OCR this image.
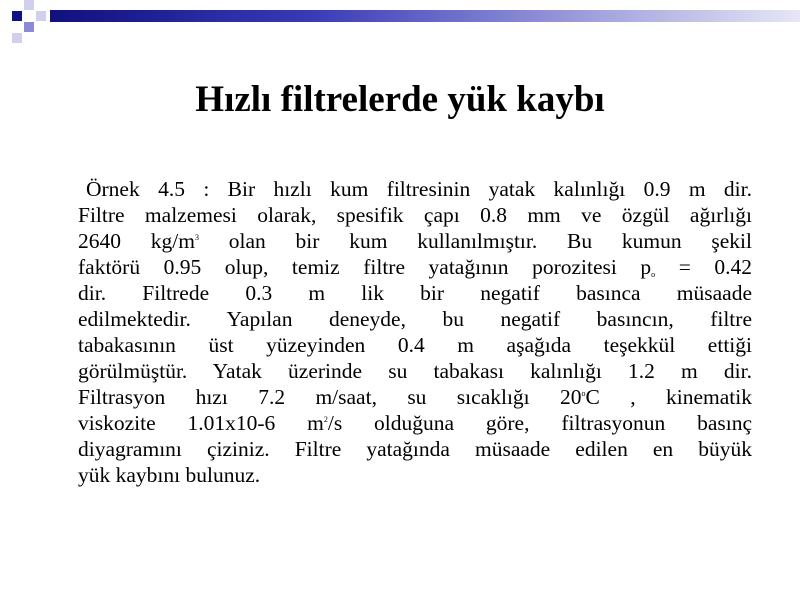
Hızlı filtrelerde yük kaybı
Örnek 4.5 : Bir hızlı kum filtresinin yatak kalınlığı 0.9 m dir.
Filtre malzemesi olarak, spesifik çapı 0.8 mm ve özgül ağırlığı
2640 $kg/m^3$ olan bir kum kullanılmıştır. Bu kumun şekil
faktörü 0.95 olup, temiz filtre yatağının porozitesi $p_o = 0.42$
dir. Filtrede 0.3 m lik bir negatif basınca müsaade
edilmektedir. Yapılan deneyde, bu negatif basıncın, filtre
tabakasının üst yüzeyinden 0.4 m aşağıda teşekkül ettiği
görülmüştür. Yatak üzerinde su tabakası kalınlığı 1.2 m dir.
Filtrasyon hızı 7.2 m/saat, su sıcaklığı 20$^o$C , kinematik
viskozite 1.01x10-6 $m^2/s$ olduğuna göre, filtrasyonun basınç
diyagramını çiziniz. Filtre yatağında müsaade edilen en büyük
yük kaybını bulunuz.
